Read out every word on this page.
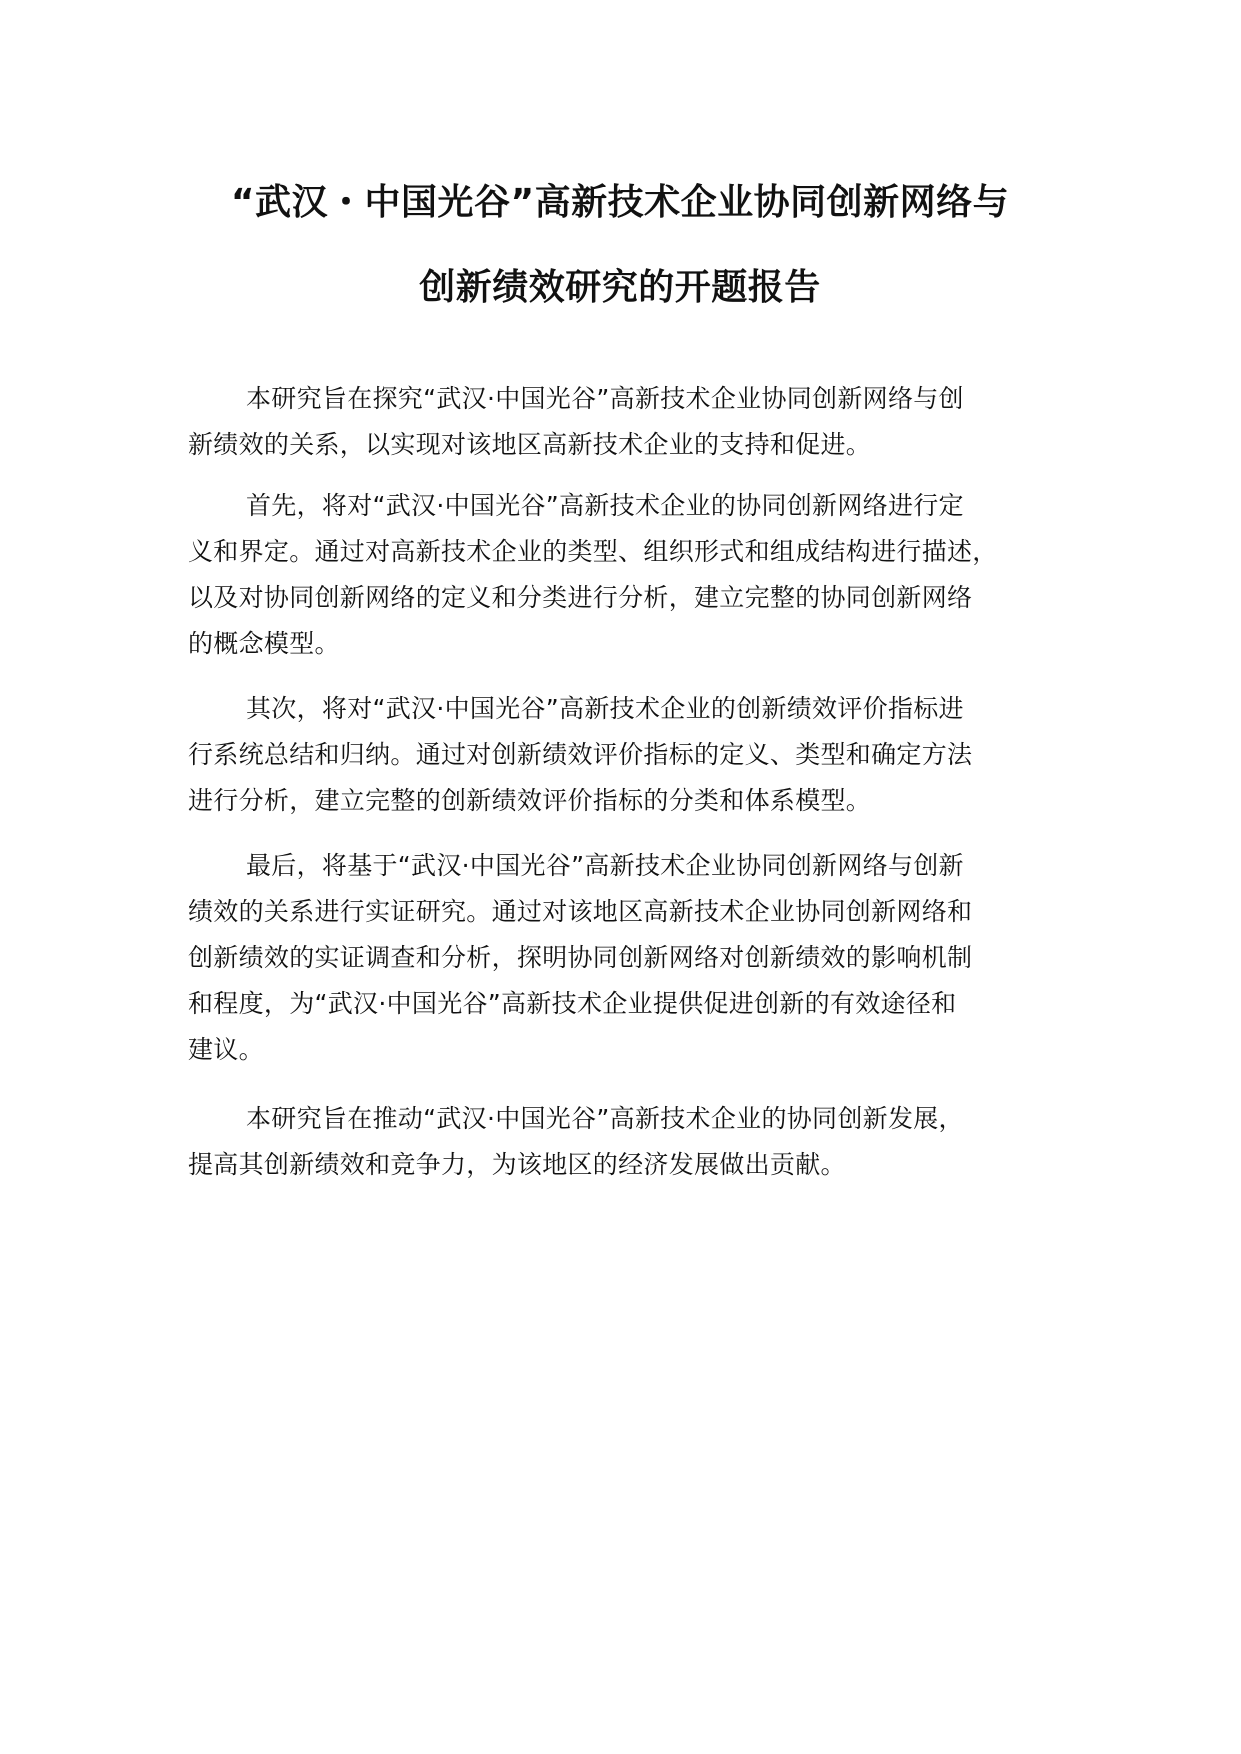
“武汉・中国光谷”高新技术企业协同创新网络与
创新绩效研究的开题报告
本研究旨在探究“武汉·中国光谷”高新技术企业协同创新网络与创
新绩效的关系，以实现对该地区高新技术企业的支持和促进。
首先，将对“武汉·中国光谷”高新技术企业的协同创新网络进行定
义和界定。通过对高新技术企业的类型、组织形式和组成结构进行描述，
以及对协同创新网络的定义和分类进行分析，建立完整的协同创新网络
的概念模型。
其次，将对“武汉·中国光谷”高新技术企业的创新绩效评价指标进
行系统总结和归纳。通过对创新绩效评价指标的定义、类型和确定方法
进行分析，建立完整的创新绩效评价指标的分类和体系模型。
最后，将基于“武汉·中国光谷”高新技术企业协同创新网络与创新
绩效的关系进行实证研究。通过对该地区高新技术企业协同创新网络和
创新绩效的实证调查和分析，探明协同创新网络对创新绩效的影响机制
和程度，为“武汉·中国光谷”高新技术企业提供促进创新的有效途径和
建议。
本研究旨在推动“武汉·中国光谷”高新技术企业的协同创新发展，
提高其创新绩效和竞争力，为该地区的经济发展做出贡献。
